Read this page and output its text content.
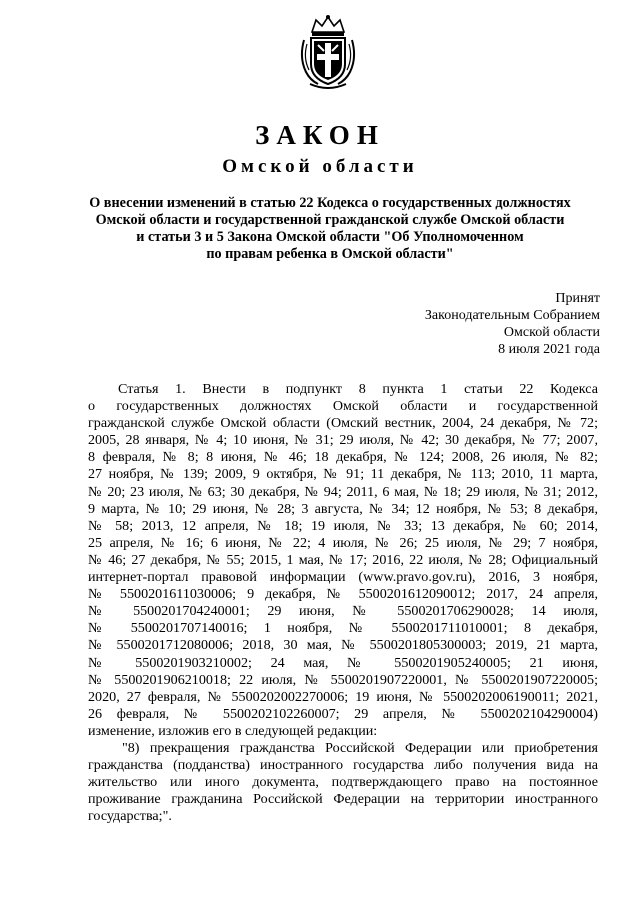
ЗАКОН
Омской области
О внесении изменений в статью 22 Кодекса о государственных должностях
Омской области и государственной гражданской службе Омской области
и статьи 3 и 5 Закона Омской области "Об Уполномоченном
по правам ребенка в Омской области"
Принят
Законодательным Собранием
Омской области
8 июля 2021 года
Статья 1. Внести в подпункт 8 пункта 1 статьи 22 Кодекса
о государственных должностях Омской области и государственной
гражданской службе Омской области (Омский вестник, 2004, 24 декабря, № 72;
2005, 28 января, № 4; 10 июня, № 31; 29 июля, № 42; 30 декабря, № 77; 2007,
8 февраля, № 8; 8 июня, № 46; 18 декабря, № 124; 2008, 26 июля, № 82;
27 ноября, № 139; 2009, 9 октября, № 91; 11 декабря, № 113; 2010, 11 марта,
№ 20; 23 июля, № 63; 30 декабря, № 94; 2011, 6 мая, № 18; 29 июля, № 31; 2012,
9 марта, № 10; 29 июня, № 28; 3 августа, № 34; 12 ноября, № 53; 8 декабря,
№ 58; 2013, 12 апреля, № 18; 19 июля, № 33; 13 декабря, № 60; 2014,
25 апреля, № 16; 6 июня, № 22; 4 июля, № 26; 25 июля, № 29; 7 ноября,
№ 46; 27 декабря, № 55; 2015, 1 мая, № 17; 2016, 22 июля, № 28; Официальный
интернет-портал правовой информации (www.pravo.gov.ru), 2016, 3 ноября,
№ 5500201611030006; 9 декабря, № 5500201612090012; 2017, 24 апреля,
№ 5500201704240001; 29 июня, № 5500201706290028; 14 июля,
№ 5500201707140016; 1 ноября, № 5500201711010001; 8 декабря,
№ 5500201712080006; 2018, 30 мая, № 5500201805300003; 2019, 21 марта,
№ 5500201903210002; 24 мая, № 5500201905240005; 21 июня,
№ 5500201906210018; 22 июля, № 5500201907220001, № 5500201907220005;
2020, 27 февраля, № 5500202002270006; 19 июня, № 5500202006190011; 2021,
26 февраля, № 5500202102260007; 29 апреля, № 5500202104290004)
изменение, изложив его в следующей редакции:
"8) прекращения гражданства Российской Федерации или приобретения
гражданства (подданства) иностранного государства либо получения вида на
жительство или иного документа, подтверждающего право на постоянное
проживание гражданина Российской Федерации на территории иностранного
государства;".
